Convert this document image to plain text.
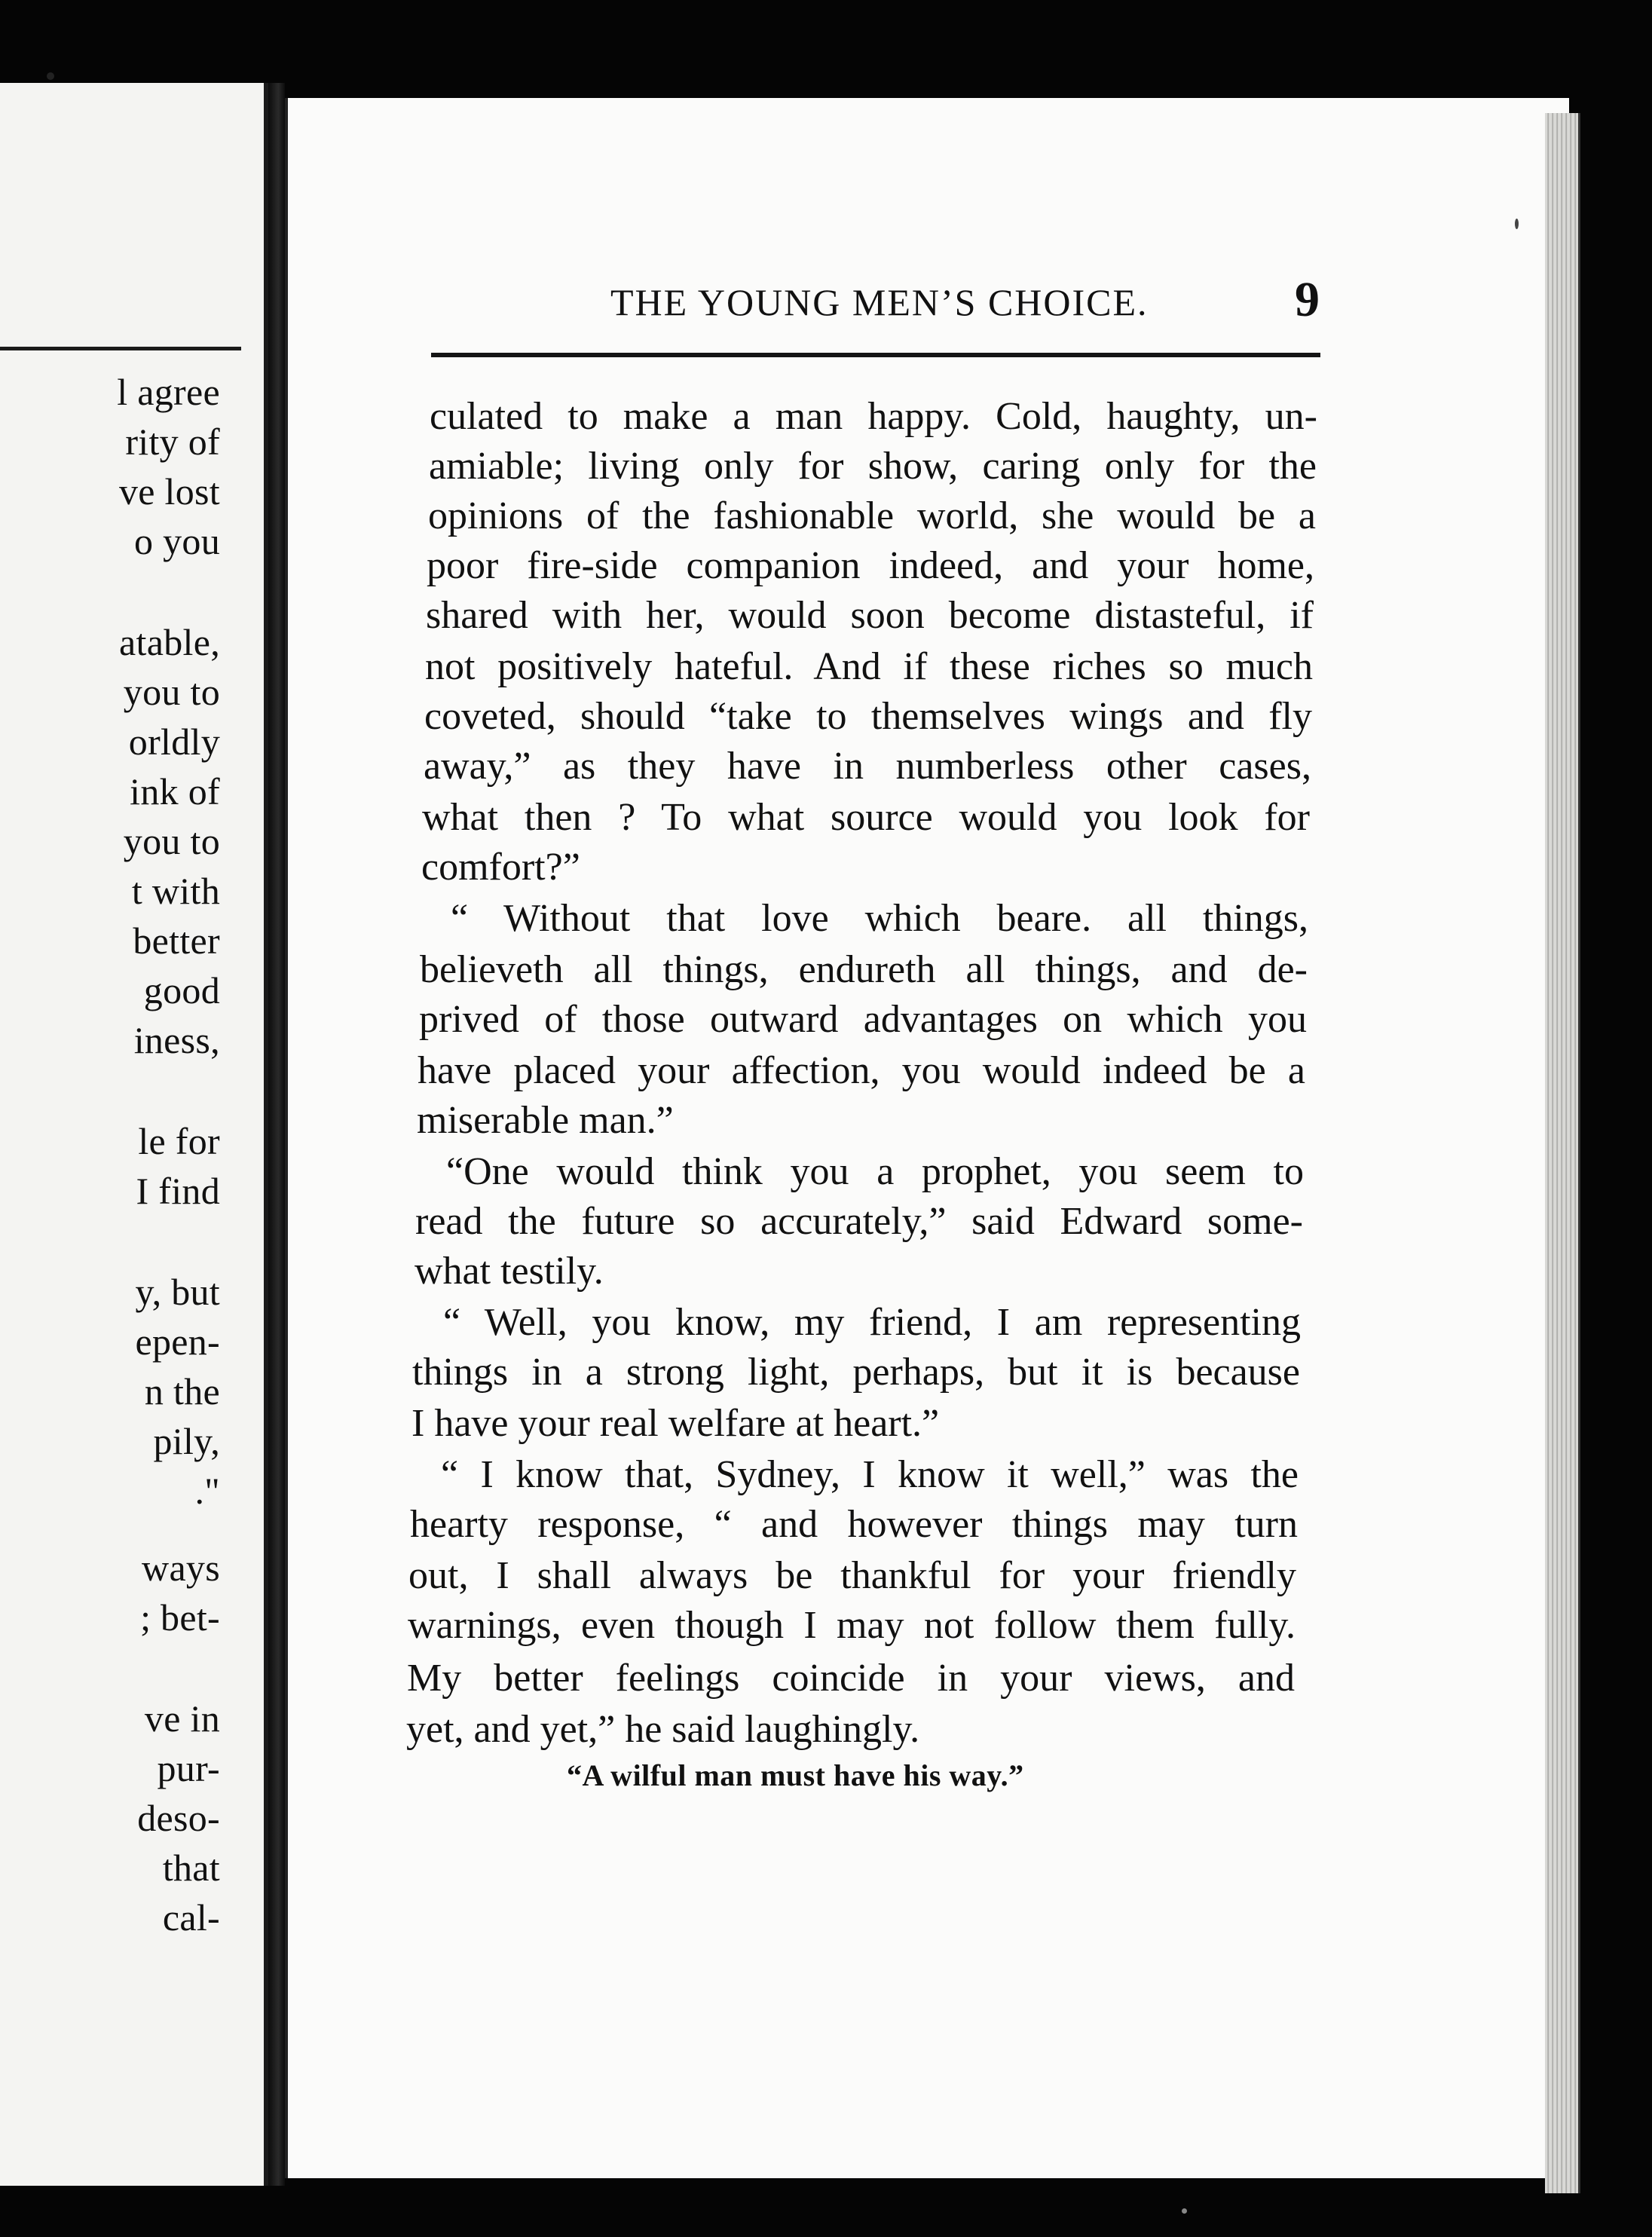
l agree
rity of
ve lost
o you
atable,
you to
orldly
ink of
you to
t with
better
good
iness,
le for
I find
y, but
epen-
n the
pily,
."
ways
; bet-
ve in
pur-
deso-
that
cal-
THE YOUNG MEN’S CHOICE.	9
culated to make a man happy. Cold, haughty, un-
amiable; living only for show, caring only for the
opinions of the fashionable world, she would be a
poor fire-side companion indeed, and your home,
shared with her, would soon become distasteful, if
not positively hateful. And if these riches so much
coveted, should “take to themselves wings and fly
away,” as they have in numberless other cases,
what then ? To what source would you look for
comfort?”
“ Without that love which beare. all things,
believeth all things, endureth all things, and de-
prived of those outward advantages on which you
have placed your affection, you would indeed be a
miserable man.”
“One would think you a prophet, you seem to
read the future so accurately,” said Edward some-
what testily.
“ Well, you know, my friend, I am representing
things in a strong light, perhaps, but it is because
I have your real welfare at heart.”
“ I know that, Sydney, I know it well,” was the
hearty response, “ and however things may turn
out, I shall always be thankful for your friendly
warnings, even though I may not follow them fully.
My better feelings coincide in your views, and
yet, and yet,” he said laughingly.
“A wilful man must have his way.”
